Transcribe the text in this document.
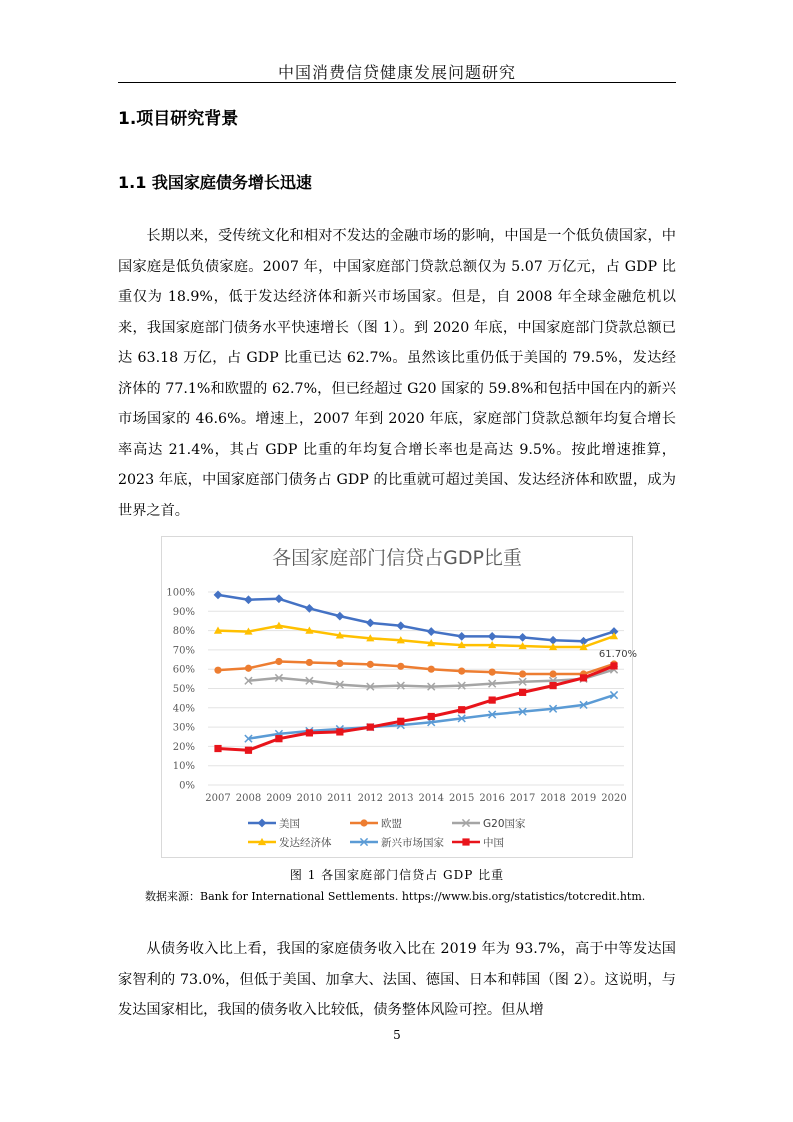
中国消费信贷健康发展问题研究
1.项目研究背景
1.1 我国家庭债务增长迅速

长期以来，受传统文化和相对不发达的金融市场的影响，中国是一个低负债国家，中国家庭是低负债家庭。2007 年，中国家庭部门贷款总额仅为 5.07 万亿元，占 GDP 比重仅为 18.9%，低于发达经济体和新兴市场国家。但是，自 2008 年全球金融危机以来，我国家庭部门债务水平快速增长（图 1）。到 2020 年底，中国家庭部门贷款总额已达 63.18 万亿，占 GDP 比重已达 62.7%。虽然该比重仍低于美国的 79.5%，发达经济体的 77.1%和欧盟的 62.7%，但已经超过 G20 国家的 59.8%和包括中国在内的新兴市场国家的 46.6%。增速上，2007 年到 2020 年底，家庭部门贷款总额年均复合增长率高达 21.4%，其占 GDP 比重的年均复合增长率也是高达 9.5%。按此增速推算，2023 年底，中国家庭部门债务占 GDP 的比重就可超过美国、发达经济体和欧盟，成为世界之首。

各国家庭部门信贷占GDP比重
0%
10%
20%
30%
40%
50%
60%
70%
80%
90%
100%
2007 2008 2009 2010 2011 2012 2013 2014 2015 2016 2017 2018 2019 2020
61.70%
美国	欧盟	G20国家
发达经济体	新兴市场国家	中国
图 1 各国家庭部门信贷占 GDP 比重
数据来源：Bank for International Settlements. https://www.bis.org/statistics/totcredit.htm.

从债务收入比上看，我国的家庭债务收入比在 2019 年为 93.7%，高于中等发达国家智利的 73.0%，但低于美国、加拿大、法国、德国、日本和韩国（图 2）。这说明，与发达国家相比，我国的债务收入比较低，债务整体风险可控。但从增

5
